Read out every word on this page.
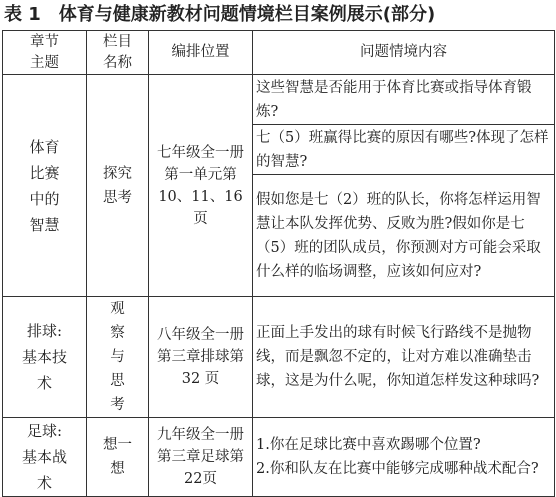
表 1 体育与健康新教材问题情境栏目案例展示(部分)
章节主题	栏目名称	编排位置	问题情境内容
体育比赛中的智慧	探究思考	七年级全一册第一单元第 10、11、16 页	这些智慧是否能用于体育比赛或指导体育锻炼?
			七（5）班赢得比赛的原因有哪些?体现了怎样的智慧?
			假如您是七（2）班的队长，你将怎样运用智慧让本队发挥优势、反败为胜?假如你是七（5）班的团队成员，你预测对方可能会采取什么样的临场调整，应该如何应对?
排球:基本技术	观察与思考	八年级全一册第三章排球第 32 页	正面上手发出的球有时候飞行路线不是抛物线，而是飘忽不定的，让对方难以准确垫击球，这是为什么呢，你知道怎样发这种球吗?
足球:基本战术	想一想	九年级全一册第三章足球第 22页	1.你在足球比赛中喜欢踢哪个位置?
2.你和队友在比赛中能够完成哪种战术配合?
